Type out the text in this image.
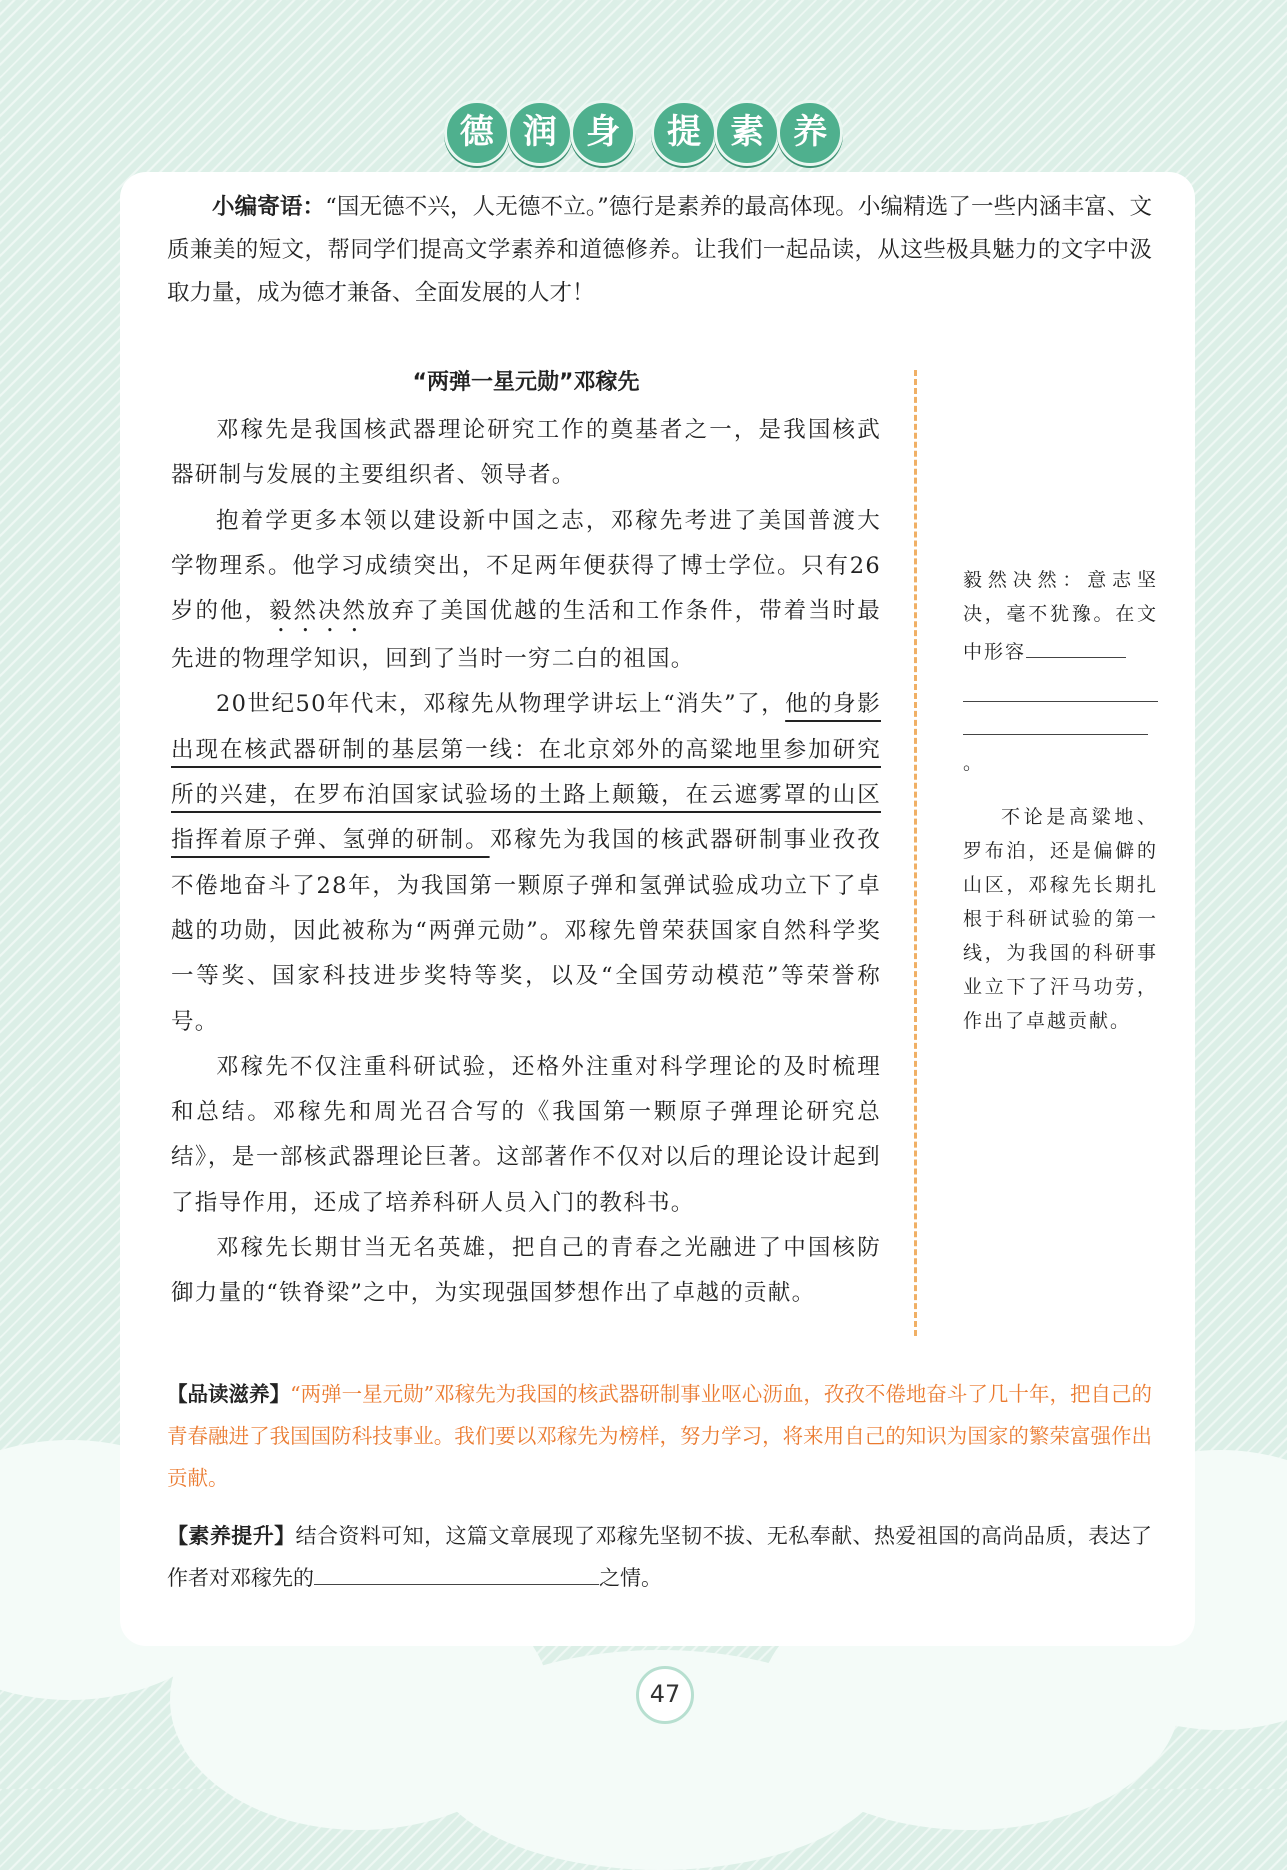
德 润 身 提 素 养

小编寄语：“国无德不兴，人无德不立。”德行是素养的最高体现。小编精选了一些内涵丰富、文质兼美的短文，帮同学们提高文学素养和道德修养。让我们一起品读，从这些极具魅力的文字中汲取力量，成为德才兼备、全面发展的人才！

“两弹一星元勋”邓稼先

邓稼先是我国核武器理论研究工作的奠基者之一，是我国核武器研制与发展的主要组织者、领导者。

抱着学更多本领以建设新中国之志，邓稼先考进了美国普渡大学物理系。他学习成绩突出，不足两年便获得了博士学位。只有26岁的他，毅然决然放弃了美国优越的生活和工作条件，带着当时最先进的物理学知识，回到了当时一穷二白的祖国。

20世纪50年代末，邓稼先从物理学讲坛上“消失”了，他的身影出现在核武器研制的基层第一线：在北京郊外的高粱地里参加研究所的兴建，在罗布泊国家试验场的土路上颠簸，在云遮雾罩的山区指挥着原子弹、氢弹的研制。邓稼先为我国的核武器研制事业孜孜不倦地奋斗了28年，为我国第一颗原子弹和氢弹试验成功立下了卓越的功勋，因此被称为“两弹元勋”。邓稼先曾荣获国家自然科学奖一等奖、国家科技进步奖特等奖，以及“全国劳动模范”等荣誉称号。

邓稼先不仅注重科研试验，还格外注重对科学理论的及时梳理和总结。邓稼先和周光召合写的《我国第一颗原子弹理论研究总结》，是一部核武器理论巨著。这部著作不仅对以后的理论设计起到了指导作用，还成了培养科研人员入门的教科书。

邓稼先长期甘当无名英雄，把自己的青春之光融进了中国核防御力量的“铁脊梁”之中，为实现强国梦想作出了卓越的贡献。

毅然决然：意志坚决，毫不犹豫。在文中形容
。
不论是高粱地、罗布泊，还是偏僻的山区，邓稼先长期扎根于科研试验的第一线，为我国的科研事业立下了汗马功劳，作出了卓越贡献。

【品读滋养】“两弹一星元勋”邓稼先为我国的核武器研制事业呕心沥血，孜孜不倦地奋斗了几十年，把自己的青春融进了我国国防科技事业。我们要以邓稼先为榜样，努力学习，将来用自己的知识为国家的繁荣富强作出贡献。

【素养提升】结合资料可知，这篇文章展现了邓稼先坚韧不拔、无私奉献、热爱祖国的高尚品质，表达了作者对邓稼先的	之情。

47
